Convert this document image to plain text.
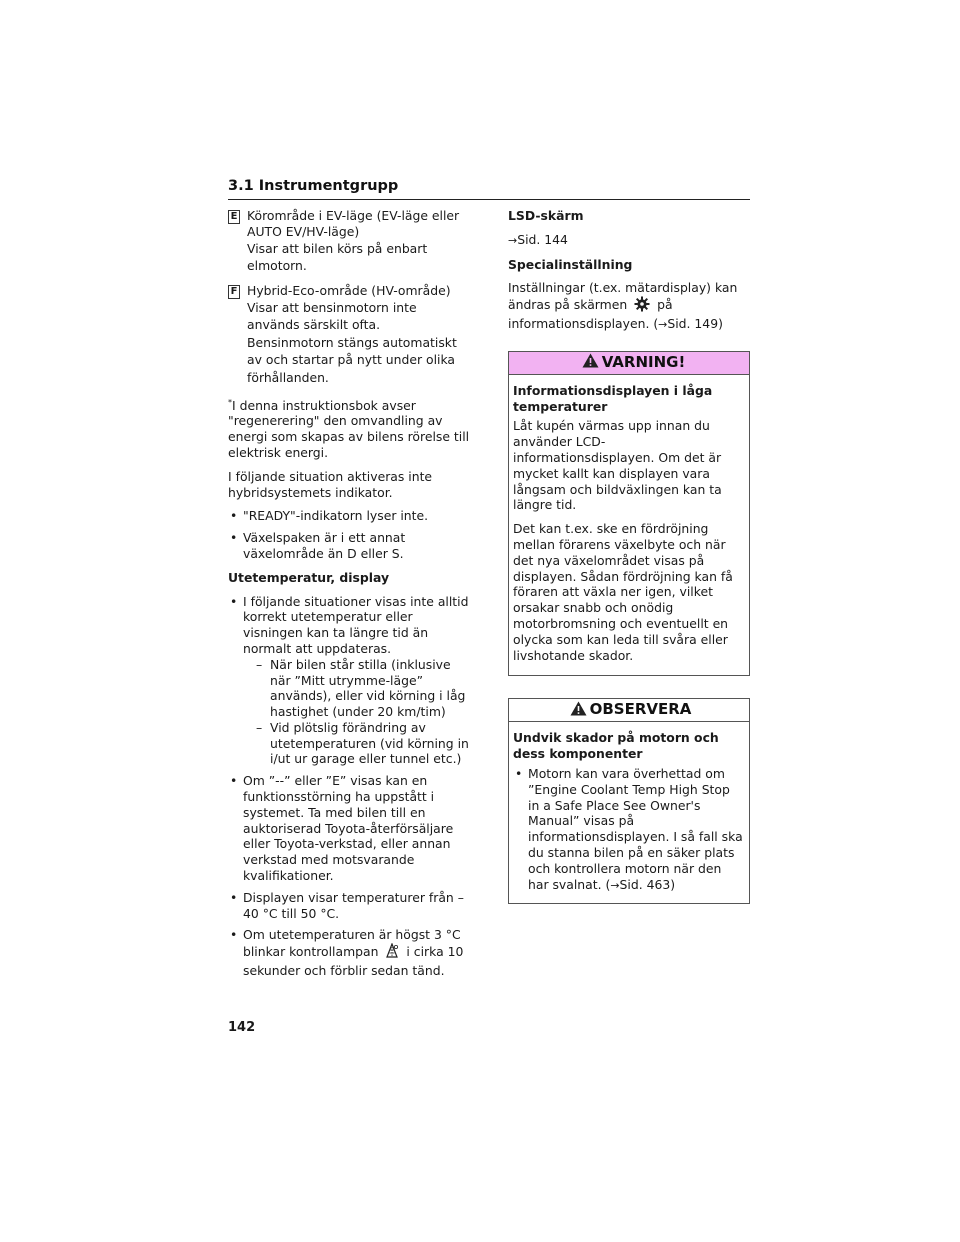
3.1 Instrumentgrupp
E Körområde i EV-läge (EV-läge eller AUTO EV/HV-läge)
Visar att bilen körs på enbart elmotorn.
F Hybrid-Eco-område (HV-område)
Visar att bensinmotorn inte används särskilt ofta.
Bensinmotorn stängs automatiskt av och startar på nytt under olika förhållanden.

*I denna instruktionsbok avser "regenerering" den omvandling av energi som skapas av bilens rörelse till elektrisk energi.

I följande situation aktiveras inte hybridsystemets indikator.

• "READY"-indikatorn lyser inte.
• Växelspaken är i ett annat växelområde än D eller S.

Utetemperatur, display

• I följande situationer visas inte alltid korrekt utetemperatur eller visningen kan ta längre tid än normalt att uppdateras.
– När bilen står stilla (inklusive när ”Mitt utrymme-läge” används), eller vid körning i låg hastighet (under 20 km/tim)
– Vid plötslig förändring av utetemperaturen (vid körning in i/ut ur garage eller tunnel etc.)
• Om ”--” eller ”E” visas kan en funktionsstörning ha uppstått i systemet. Ta med bilen till en auktoriserad Toyota-återförsäljare eller Toyota-verkstad, eller annan verkstad med motsvarande kvalifikationer.
• Displayen visar temperaturer från –40 °C till 50 °C.
• Om utetemperaturen är högst 3 °C blinkar kontrollampan i cirka 10 sekunder och förblir sedan tänd.

LSD-skärm

→Sid. 144

Specialinställning

Inställningar (t.ex. mätardisplay) kan ändras på skärmen på informationsdisplayen. (→Sid. 149)

VARNING!
Informationsdisplayen i låga temperaturer

Låt kupén värmas upp innan du använder LCD-informationsdisplayen. Om det är mycket kallt kan displayen vara långsam och bildväxlingen kan ta längre tid.

Det kan t.ex. ske en fördröjning mellan förarens växelbyte och när det nya växelområdet visas på displayen. Sådan fördröjning kan få föraren att växla ner igen, vilket orsakar snabb och onödig motorbromsning och eventuellt en olycka som kan leda till svåra eller livshotande skador.

OBSERVERA
Undvik skador på motorn och dess komponenter
• Motorn kan vara överhettad om ”Engine Coolant Temp High Stop in a Safe Place See Owner's Manual” visas på informationsdisplayen. I så fall ska du stanna bilen på en säker plats och kontrollera motorn när den har svalnat. (→Sid. 463)
142
